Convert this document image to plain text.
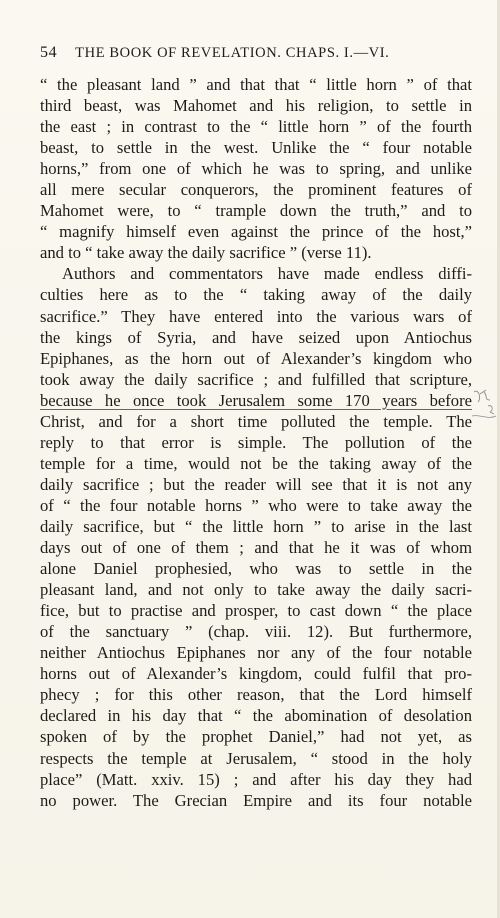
54 THE BOOK OF REVELATION. CHAPS. I.—VI.
“ the pleasant land ” and that that “ little horn ” of that
third beast, was Mahomet and his religion, to settle in
the east ; in contrast to the “ little horn ” of the fourth
beast, to settle in the west. Unlike the “ four notable
horns,” from one of which he was to spring, and unlike
all mere secular conquerors, the prominent features of
Mahomet were, to “ trample down the truth,” and to
“ magnify himself even against the prince of the host,”
and to “ take away the daily sacrifice ” (verse 11).
Authors and commentators have made endless diffi-
culties here as to the “ taking away of the daily
sacrifice.” They have entered into the various wars of
the kings of Syria, and have seized upon Antiochus
Epiphanes, as the horn out of Alexander’s kingdom who
took away the daily sacrifice ; and fulfilled that scripture,
because he once took Jerusalem some 170 years before
Christ, and for a short time polluted the temple. The
reply to that error is simple. The pollution of the
temple for a time, would not be the taking away of the
daily sacrifice ; but the reader will see that it is not any
of “ the four notable horns ” who were to take away the
daily sacrifice, but “ the little horn ” to arise in the last
days out of one of them ; and that he it was of whom
alone Daniel prophesied, who was to settle in the
pleasant land, and not only to take away the daily sacri-
fice, but to practise and prosper, to cast down “ the place
of the sanctuary ” (chap. viii. 12). But furthermore,
neither Antiochus Epiphanes nor any of the four notable
horns out of Alexander’s kingdom, could fulfil that pro-
phecy ; for this other reason, that the Lord himself
declared in his day that “ the abomination of desolation
spoken of by the prophet Daniel,” had not yet, as
respects the temple at Jerusalem, “ stood in the holy
place” (Matt. xxiv. 15) ; and after his day they had
no power. The Grecian Empire and its four notable
